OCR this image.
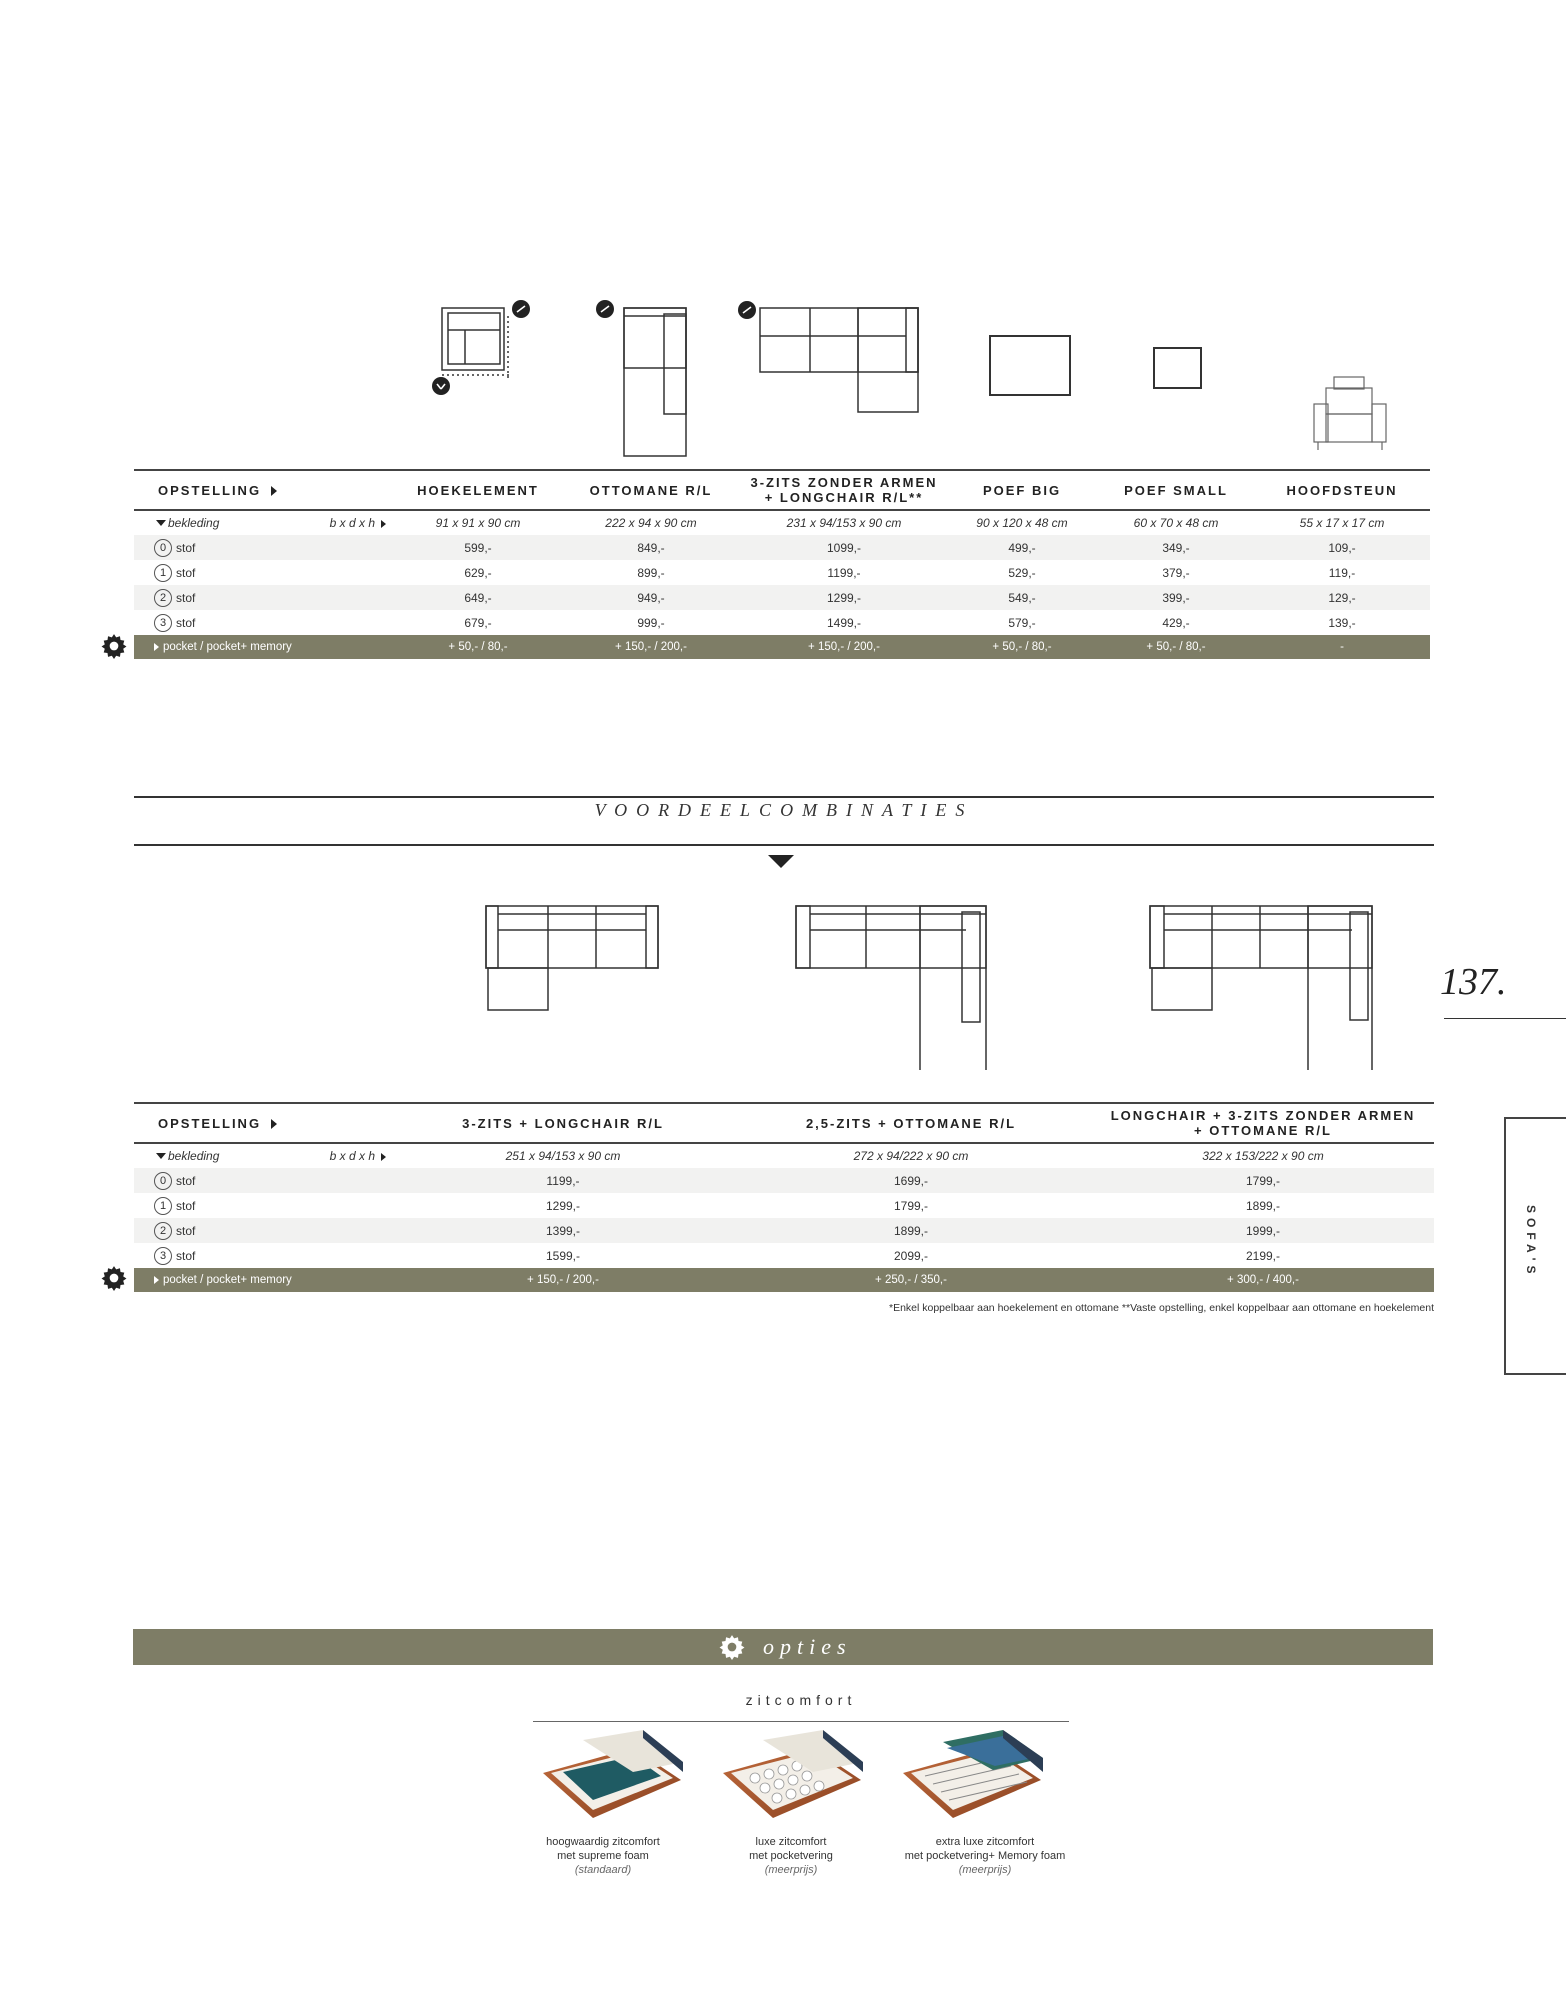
OPSTELLING	HOEKELEMENT	OTTOMANE R/L	3-ZITS ZONDER ARMEN
+ LONGCHAIR R/L**	POEF BIG	POEF SMALL	HOOFDSTEUN

bekleding b x d x h	91 x 91 x 90 cm	222 x 94 x 90 cm	231 x 94/153 x 90 cm	90 x 120 x 48 cm	60 x 70 x 48 cm	55 x 17 x 17 cm
0 stof	599,-	849,-	1099,-	499,-	349,-	109,-
1 stof	629,-	899,-	1199,-	529,-	379,-	119,-
2 stof	649,-	949,-	1299,-	549,-	399,-	129,-
3 stof	679,-	999,-	1499,-	579,-	429,-	139,-
pocket / pocket+ memory	+ 50,- / 80,-	+ 150,- / 200,-	+ 150,- / 200,-	+ 50,- / 80,-	+ 50,- / 80,-	-
VOORDEELCOMBINATIES
137.
SOFA'S
OPSTELLING	3-ZITS + LONGCHAIR R/L	2,5-ZITS + OTTOMANE R/L	LONGCHAIR + 3-ZITS ZONDER ARMEN
+ OTTOMANE R/L

bekleding b x d x h	251 x 94/153 x 90 cm	272 x 94/222 x 90 cm	322 x 153/222 x 90 cm
0 stof	1199,-	1699,-	1799,-
1 stof	1299,-	1799,-	1899,-
2 stof	1399,-	1899,-	1999,-
3 stof	1599,-	2099,-	2199,-
pocket / pocket+ memory	+ 150,- / 200,-	+ 250,- / 350,-	+ 300,- / 400,-
*Enkel koppelbaar aan hoekelement en ottomane **Vaste opstelling, enkel koppelbaar aan ottomane en hoekelement
opties
zitcomfort
hoogwaardig zitcomfort
met supreme foam
(standaard)
luxe zitcomfort
met pocketvering
(meerprijs)
extra luxe zitcomfort
met pocketvering+ Memory foam
(meerprijs)
